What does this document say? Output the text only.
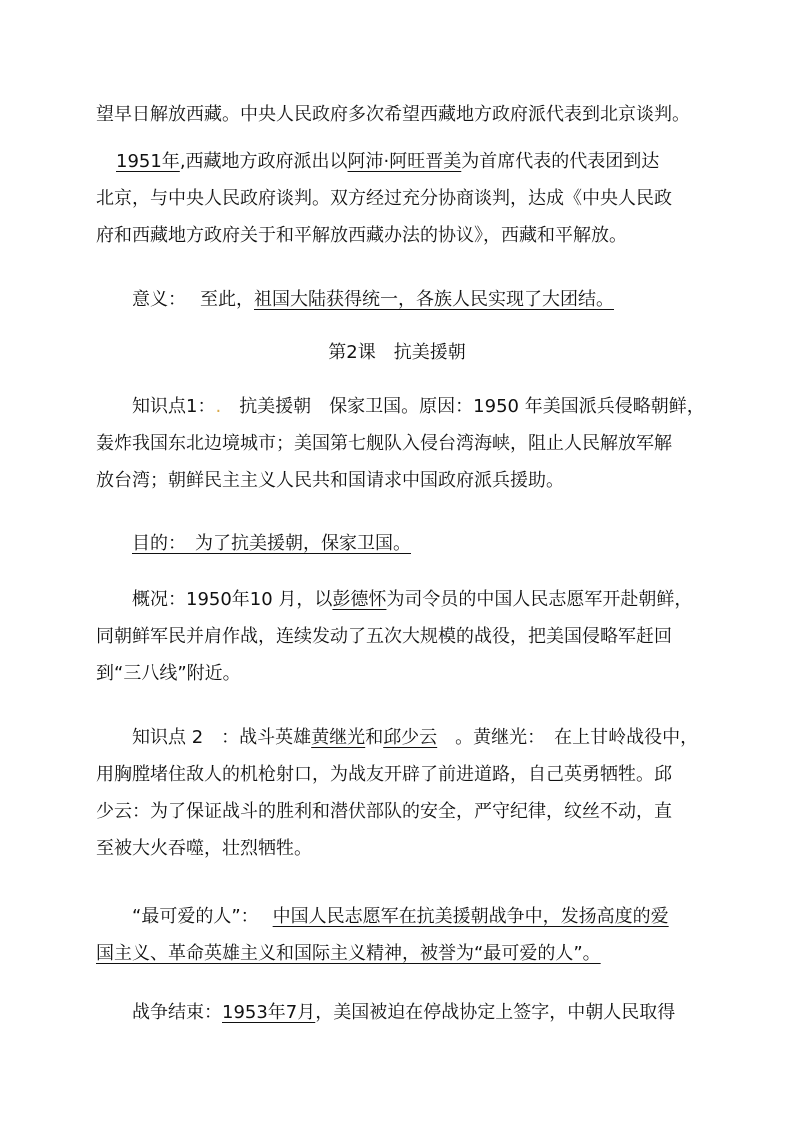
望早日解放西藏。中央人民政府多次希望西藏地方政府派代表到北京谈判。
1951年,西藏地方政府派出以阿沛·阿旺晋美为首席代表的代表团到达
北京，与中央人民政府谈判。双方经过充分协商谈判，达成《中央人民政
府和西藏地方政府关于和平解放西藏办法的协议》，西藏和平解放。
意义： 至此，祖国大陆获得统一，各族人民实现了大团结。
第2课　抗美援朝
知识点1：. 抗美援朝　保家卫国。原因：1950 年美国派兵侵略朝鲜，
轰炸我国东北边境城市；美国第七舰队入侵台湾海峡，阻止人民解放军解
放台湾；朝鲜民主主义人民共和国请求中国政府派兵援助。
目的：　 为了抗美援朝，保家卫国。
概况：1950年10 月，以彭德怀为司令员的中国人民志愿军开赴朝鲜，
同朝鲜军民并肩作战，连续发动了五次大规模的战役，把美国侵略军赶回
到“三八线”附近。
知识点 2　：战斗英雄黄继光和邱少云　。黄继光：　在上甘岭战役中，
用胸膛堵住敌人的机枪射口，为战友开辟了前进道路，自己英勇牺牲。邱
少云：为了保证战斗的胜利和潜伏部队的安全，严守纪律，纹丝不动，直
至被大火吞噬，壮烈牺牲。
“最可爱的人”： 中国人民志愿军在抗美援朝战争中，发扬高度的爱
国主义、革命英雄主义和国际主义精神，被誉为“最可爱的人”。
战争结束：1953年7月，美国被迫在停战协定上签字，中朝人民取得
